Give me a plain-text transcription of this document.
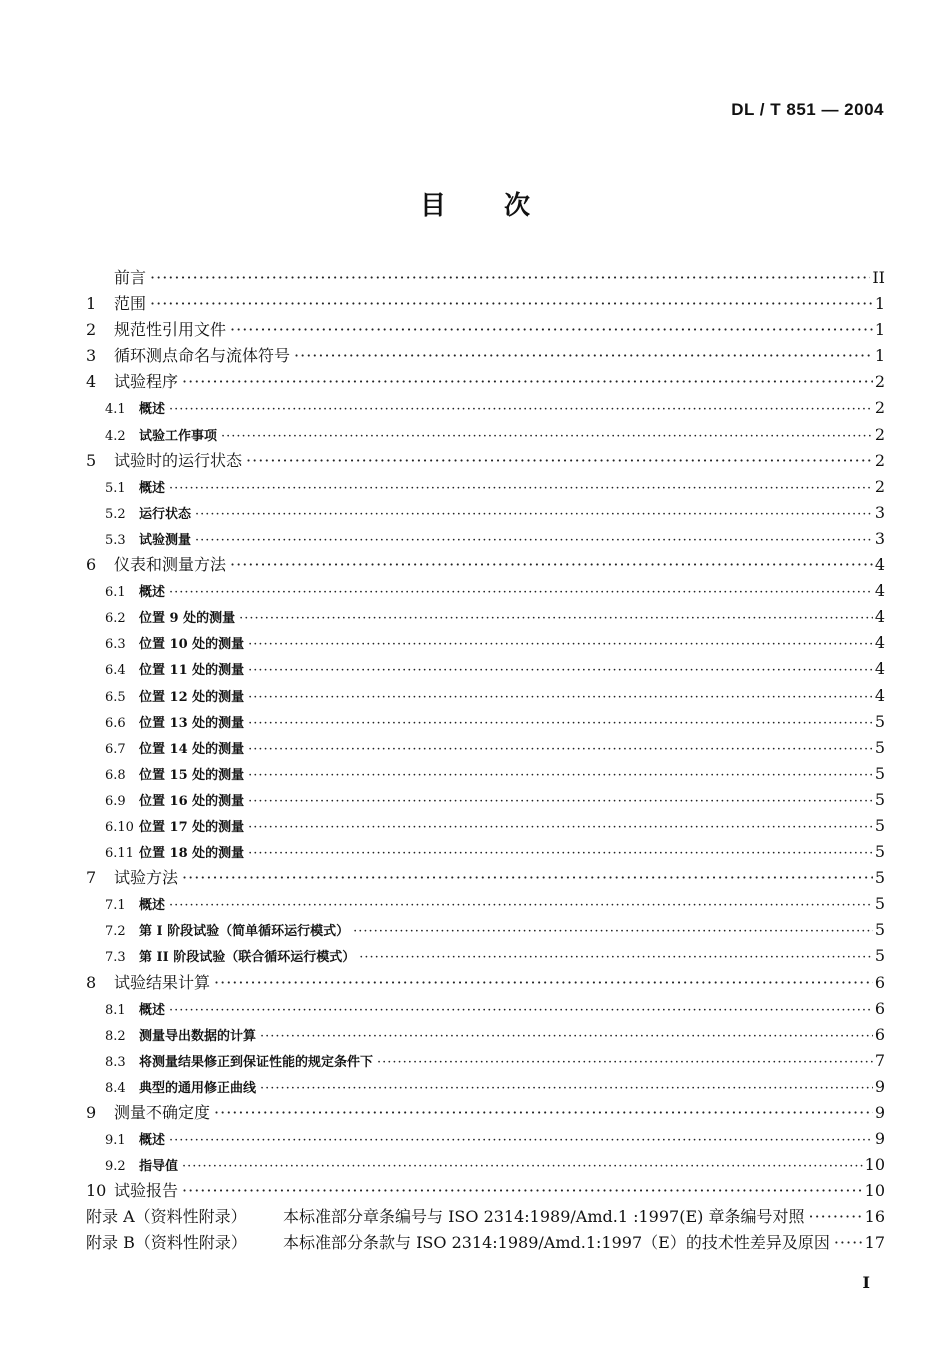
DL / T 851 — 2004
目 次
前言 ·····	II
1 范围 ·····	1
2 规范性引用文件 ·····	1
3 循环测点命名与流体符号 ·····	1
4 试验程序 ·····	2
4.1 概述 ·····	2
4.2 试验工作事项 ·····	2
5 试验时的运行状态 ·····	2
5.1 概述 ·····	2
5.2 运行状态 ·····	3
5.3 试验测量 ·····	3
6 仪表和测量方法 ·····	4
6.1 概述 ·····	4
6.2 位置 9 处的测量 ·····	4
6.3 位置 10 处的测量 ·····	4
6.4 位置 11 处的测量 ·····	4
6.5 位置 12 处的测量 ·····	4
6.6 位置 13 处的测量 ·····	5
6.7 位置 14 处的测量 ·····	5
6.8 位置 15 处的测量 ·····	5
6.9 位置 16 处的测量 ·····	5
6.10 位置 17 处的测量 ·····	5
6.11 位置 18 处的测量 ·····	5
7 试验方法 ·····	5
7.1 概述 ·····	5
7.2 第 I 阶段试验（简单循环运行模式） ·····	5
7.3 第 II 阶段试验（联合循环运行模式） ·····	5
8 试验结果计算 ·····	6
8.1 概述 ·····	6
8.2 测量导出数据的计算 ·····	6
8.3 将测量结果修正到保证性能的规定条件下 ·····	7
8.4 典型的通用修正曲线 ·····	9
9 测量不确定度 ·····	9
9.1 概述 ·····	9
9.2 指导值 ·····	10
10 试验报告 ·····	10
附录 A（资料性附录） 本标准部分章条编号与 ISO 2314:1989/Amd.1 :1997(E) 章条编号对照 ·····	16
附录 B（资料性附录） 本标准部分条款与 ISO 2314:1989/Amd.1:1997（E）的技术性差异及原因 ····· 17
I
